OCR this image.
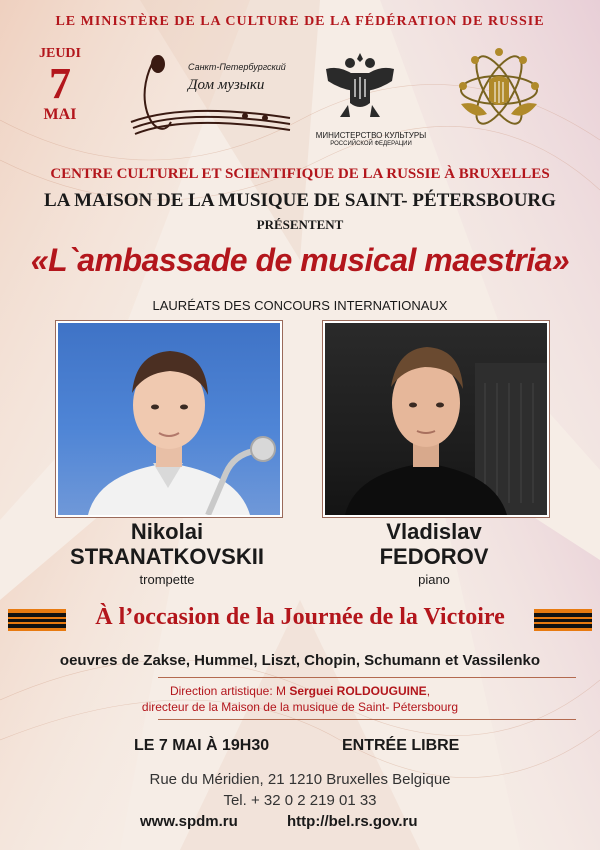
LE MINISTÈRE DE LA CULTURE DE LA FÉDÉRATION DE RUSSIE
JEUDI
7
MAI
Санкт-Петербургский
Дом музыки
МИНИСТЕРСТВО КУЛЬТУРЫ
РОССИЙСКОЙ ФЕДЕРАЦИИ
CENTRE CULTUREL ET SCIENTIFIQUE DE LA RUSSIE À BRUXELLES
LA MAISON DE LA MUSIQUE DE SAINT- PÉTERSBOURG
PRÉSENTENT
«L`ambassade de musical maestria»
LAURÉATS DES CONCOURS INTERNATIONAUX
Nikolai
STRANATKOVSKII
Vladislav
FEDOROV
trompette	piano
À l’occasion de la Journée de la Victoire
oeuvres de Zakse, Hummel, Liszt, Chopin, Schumann et Vassilenko
Direction artistique: M Serguei ROLDOUGUINE,
directeur de la Maison de la musique de Saint- Pétersbourg
LE 7 MAI À 19H30	ENTRÉE LIBRE
Rue du Méridien, 21 1210 Bruxelles Belgique
Tel. + 32 0 2 219 01 33
www.spdm.ru	http://bel.rs.gov.ru
